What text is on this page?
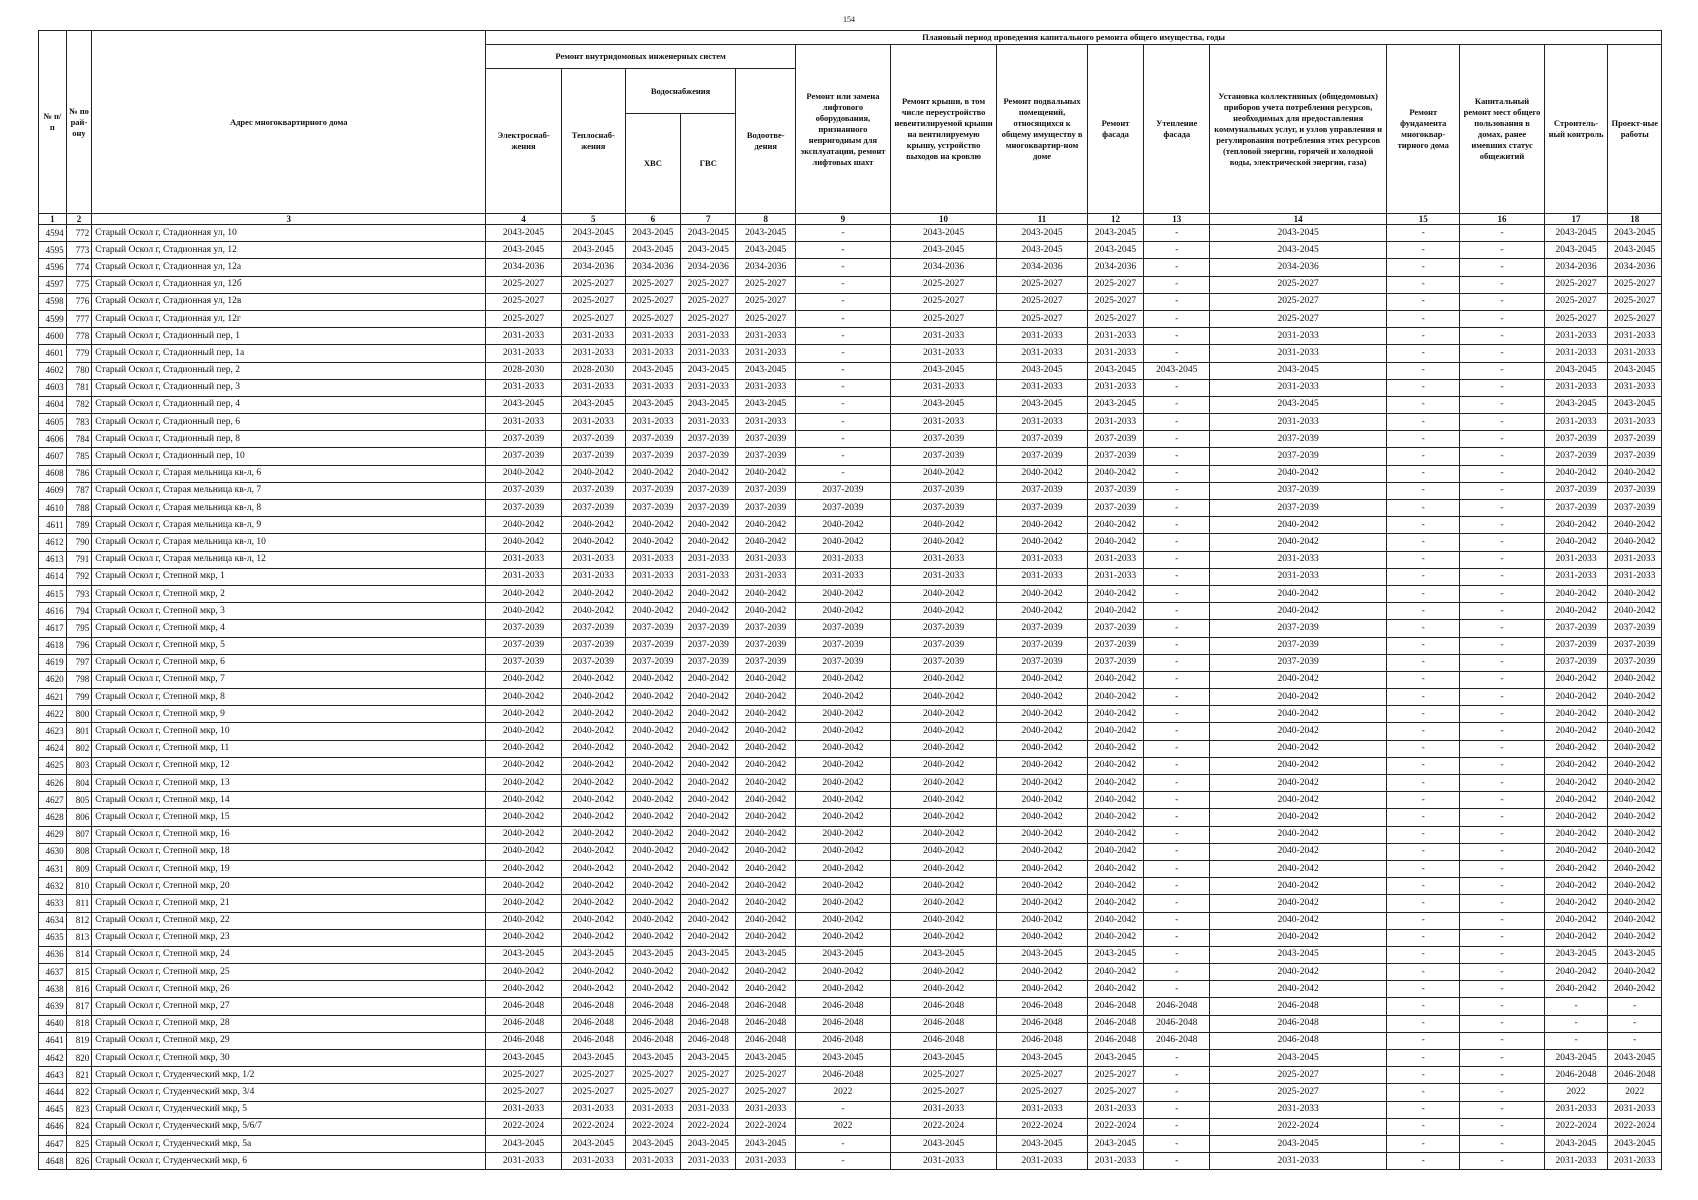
154
№ п/п	№ по рай-ону	Адрес многоквартирного дома	Плановый период проведения капитального ремонта общего имущества, годы														
			Ремонт внутридомовых инженерных систем					Ремонт или замена лифтового оборудования, признанного непригодным для эксплуатации, ремонт лифтовых шахт	Ремонт крыши, в том числе переустройство невентилируемой крыши на вентилируемую крышу, устройство выходов на кровлю	Ремонт подвальных помещений, относящихся к общему имуществу в многоквартир-ном доме	Ремонт фасада	Утепление фасада	Установка коллективных (общедомовых) приборов учета потребления ресурсов, необходимых для предоставления коммунальных услуг, и узлов управления и регулирования потребления этих ресурсов (тепловой энергии, горячей и холодной воды, электрической энергии, газа)	Ремонт фундамента многоквар-тирного дома	Капитальный ремонт мест общего пользования в домах, ранее имевших статус общежитий	Строитель-ный контроль	Проект-ные работы
			Электроснаб-жения	Теплоснаб-жения	Водоснабжения		Водоотве-дения										
					ХВС	ГВС											
1	2	3	4	5	6	7	8	9	10	11	12	13	14	15	16	17	18
4594	772	Старый Оскол г, Стадионная ул, 10	2043-2045	2043-2045	2043-2045	2043-2045	2043-2045	-	2043-2045	2043-2045	2043-2045	-	2043-2045	-	-	2043-2045	2043-2045
4595	773	Старый Оскол г, Стадионная ул, 12	2043-2045	2043-2045	2043-2045	2043-2045	2043-2045	-	2043-2045	2043-2045	2043-2045	-	2043-2045	-	-	2043-2045	2043-2045
4596	774	Старый Оскол г, Стадионная ул, 12а	2034-2036	2034-2036	2034-2036	2034-2036	2034-2036	-	2034-2036	2034-2036	2034-2036	-	2034-2036	-	-	2034-2036	2034-2036
4597	775	Старый Оскол г, Стадионная ул, 12б	2025-2027	2025-2027	2025-2027	2025-2027	2025-2027	-	2025-2027	2025-2027	2025-2027	-	2025-2027	-	-	2025-2027	2025-2027
4598	776	Старый Оскол г, Стадионная ул, 12в	2025-2027	2025-2027	2025-2027	2025-2027	2025-2027	-	2025-2027	2025-2027	2025-2027	-	2025-2027	-	-	2025-2027	2025-2027
4599	777	Старый Оскол г, Стадионная ул, 12г	2025-2027	2025-2027	2025-2027	2025-2027	2025-2027	-	2025-2027	2025-2027	2025-2027	-	2025-2027	-	-	2025-2027	2025-2027
4600	778	Старый Оскол г, Стадионный пер, 1	2031-2033	2031-2033	2031-2033	2031-2033	2031-2033	-	2031-2033	2031-2033	2031-2033	-	2031-2033	-	-	2031-2033	2031-2033
4601	779	Старый Оскол г, Стадионный пер, 1а	2031-2033	2031-2033	2031-2033	2031-2033	2031-2033	-	2031-2033	2031-2033	2031-2033	-	2031-2033	-	-	2031-2033	2031-2033
4602	780	Старый Оскол г, Стадионный пер, 2	2028-2030	2028-2030	2043-2045	2043-2045	2043-2045	-	2043-2045	2043-2045	2043-2045	2043-2045	2043-2045	-	-	2043-2045	2043-2045
4603	781	Старый Оскол г, Стадионный пер, 3	2031-2033	2031-2033	2031-2033	2031-2033	2031-2033	-	2031-2033	2031-2033	2031-2033	-	2031-2033	-	-	2031-2033	2031-2033
4604	782	Старый Оскол г, Стадионный пер, 4	2043-2045	2043-2045	2043-2045	2043-2045	2043-2045	-	2043-2045	2043-2045	2043-2045	-	2043-2045	-	-	2043-2045	2043-2045
4605	783	Старый Оскол г, Стадионный пер, 6	2031-2033	2031-2033	2031-2033	2031-2033	2031-2033	-	2031-2033	2031-2033	2031-2033	-	2031-2033	-	-	2031-2033	2031-2033
4606	784	Старый Оскол г, Стадионный пер, 8	2037-2039	2037-2039	2037-2039	2037-2039	2037-2039	-	2037-2039	2037-2039	2037-2039	-	2037-2039	-	-	2037-2039	2037-2039
4607	785	Старый Оскол г, Стадионный пер, 10	2037-2039	2037-2039	2037-2039	2037-2039	2037-2039	-	2037-2039	2037-2039	2037-2039	-	2037-2039	-	-	2037-2039	2037-2039
4608	786	Старый Оскол г, Старая мельница кв-л, 6	2040-2042	2040-2042	2040-2042	2040-2042	2040-2042	-	2040-2042	2040-2042	2040-2042	-	2040-2042	-	-	2040-2042	2040-2042
4609	787	Старый Оскол г, Старая мельница кв-л, 7	2037-2039	2037-2039	2037-2039	2037-2039	2037-2039	2037-2039	2037-2039	2037-2039	2037-2039	-	2037-2039	-	-	2037-2039	2037-2039
4610	788	Старый Оскол г, Старая мельница кв-л, 8	2037-2039	2037-2039	2037-2039	2037-2039	2037-2039	2037-2039	2037-2039	2037-2039	2037-2039	-	2037-2039	-	-	2037-2039	2037-2039
4611	789	Старый Оскол г, Старая мельница кв-л, 9	2040-2042	2040-2042	2040-2042	2040-2042	2040-2042	2040-2042	2040-2042	2040-2042	2040-2042	-	2040-2042	-	-	2040-2042	2040-2042
4612	790	Старый Оскол г, Старая мельница кв-л, 10	2040-2042	2040-2042	2040-2042	2040-2042	2040-2042	2040-2042	2040-2042	2040-2042	2040-2042	-	2040-2042	-	-	2040-2042	2040-2042
4613	791	Старый Оскол г, Старая мельница кв-л, 12	2031-2033	2031-2033	2031-2033	2031-2033	2031-2033	2031-2033	2031-2033	2031-2033	2031-2033	-	2031-2033	-	-	2031-2033	2031-2033
4614	792	Старый Оскол г, Степной мкр, 1	2031-2033	2031-2033	2031-2033	2031-2033	2031-2033	2031-2033	2031-2033	2031-2033	2031-2033	-	2031-2033	-	-	2031-2033	2031-2033
4615	793	Старый Оскол г, Степной мкр, 2	2040-2042	2040-2042	2040-2042	2040-2042	2040-2042	2040-2042	2040-2042	2040-2042	2040-2042	-	2040-2042	-	-	2040-2042	2040-2042
4616	794	Старый Оскол г, Степной мкр, 3	2040-2042	2040-2042	2040-2042	2040-2042	2040-2042	2040-2042	2040-2042	2040-2042	2040-2042	-	2040-2042	-	-	2040-2042	2040-2042
4617	795	Старый Оскол г, Степной мкр, 4	2037-2039	2037-2039	2037-2039	2037-2039	2037-2039	2037-2039	2037-2039	2037-2039	2037-2039	-	2037-2039	-	-	2037-2039	2037-2039
4618	796	Старый Оскол г, Степной мкр, 5	2037-2039	2037-2039	2037-2039	2037-2039	2037-2039	2037-2039	2037-2039	2037-2039	2037-2039	-	2037-2039	-	-	2037-2039	2037-2039
4619	797	Старый Оскол г, Степной мкр, 6	2037-2039	2037-2039	2037-2039	2037-2039	2037-2039	2037-2039	2037-2039	2037-2039	2037-2039	-	2037-2039	-	-	2037-2039	2037-2039
4620	798	Старый Оскол г, Степной мкр, 7	2040-2042	2040-2042	2040-2042	2040-2042	2040-2042	2040-2042	2040-2042	2040-2042	2040-2042	-	2040-2042	-	-	2040-2042	2040-2042
4621	799	Старый Оскол г, Степной мкр, 8	2040-2042	2040-2042	2040-2042	2040-2042	2040-2042	2040-2042	2040-2042	2040-2042	2040-2042	-	2040-2042	-	-	2040-2042	2040-2042
4622	800	Старый Оскол г, Степной мкр, 9	2040-2042	2040-2042	2040-2042	2040-2042	2040-2042	2040-2042	2040-2042	2040-2042	2040-2042	-	2040-2042	-	-	2040-2042	2040-2042
4623	801	Старый Оскол г, Степной мкр, 10	2040-2042	2040-2042	2040-2042	2040-2042	2040-2042	2040-2042	2040-2042	2040-2042	2040-2042	-	2040-2042	-	-	2040-2042	2040-2042
4624	802	Старый Оскол г, Степной мкр, 11	2040-2042	2040-2042	2040-2042	2040-2042	2040-2042	2040-2042	2040-2042	2040-2042	2040-2042	-	2040-2042	-	-	2040-2042	2040-2042
4625	803	Старый Оскол г, Степной мкр, 12	2040-2042	2040-2042	2040-2042	2040-2042	2040-2042	2040-2042	2040-2042	2040-2042	2040-2042	-	2040-2042	-	-	2040-2042	2040-2042
4626	804	Старый Оскол г, Степной мкр, 13	2040-2042	2040-2042	2040-2042	2040-2042	2040-2042	2040-2042	2040-2042	2040-2042	2040-2042	-	2040-2042	-	-	2040-2042	2040-2042
4627	805	Старый Оскол г, Степной мкр, 14	2040-2042	2040-2042	2040-2042	2040-2042	2040-2042	2040-2042	2040-2042	2040-2042	2040-2042	-	2040-2042	-	-	2040-2042	2040-2042
4628	806	Старый Оскол г, Степной мкр, 15	2040-2042	2040-2042	2040-2042	2040-2042	2040-2042	2040-2042	2040-2042	2040-2042	2040-2042	-	2040-2042	-	-	2040-2042	2040-2042
4629	807	Старый Оскол г, Степной мкр, 16	2040-2042	2040-2042	2040-2042	2040-2042	2040-2042	2040-2042	2040-2042	2040-2042	2040-2042	-	2040-2042	-	-	2040-2042	2040-2042
4630	808	Старый Оскол г, Степной мкр, 18	2040-2042	2040-2042	2040-2042	2040-2042	2040-2042	2040-2042	2040-2042	2040-2042	2040-2042	-	2040-2042	-	-	2040-2042	2040-2042
4631	809	Старый Оскол г, Степной мкр, 19	2040-2042	2040-2042	2040-2042	2040-2042	2040-2042	2040-2042	2040-2042	2040-2042	2040-2042	-	2040-2042	-	-	2040-2042	2040-2042
4632	810	Старый Оскол г, Степной мкр, 20	2040-2042	2040-2042	2040-2042	2040-2042	2040-2042	2040-2042	2040-2042	2040-2042	2040-2042	-	2040-2042	-	-	2040-2042	2040-2042
4633	811	Старый Оскол г, Степной мкр, 21	2040-2042	2040-2042	2040-2042	2040-2042	2040-2042	2040-2042	2040-2042	2040-2042	2040-2042	-	2040-2042	-	-	2040-2042	2040-2042
4634	812	Старый Оскол г, Степной мкр, 22	2040-2042	2040-2042	2040-2042	2040-2042	2040-2042	2040-2042	2040-2042	2040-2042	2040-2042	-	2040-2042	-	-	2040-2042	2040-2042
4635	813	Старый Оскол г, Степной мкр, 23	2040-2042	2040-2042	2040-2042	2040-2042	2040-2042	2040-2042	2040-2042	2040-2042	2040-2042	-	2040-2042	-	-	2040-2042	2040-2042
4636	814	Старый Оскол г, Степной мкр, 24	2043-2045	2043-2045	2043-2045	2043-2045	2043-2045	2043-2045	2043-2045	2043-2045	2043-2045	-	2043-2045	-	-	2043-2045	2043-2045
4637	815	Старый Оскол г, Степной мкр, 25	2040-2042	2040-2042	2040-2042	2040-2042	2040-2042	2040-2042	2040-2042	2040-2042	2040-2042	-	2040-2042	-	-	2040-2042	2040-2042
4638	816	Старый Оскол г, Степной мкр, 26	2040-2042	2040-2042	2040-2042	2040-2042	2040-2042	2040-2042	2040-2042	2040-2042	2040-2042	-	2040-2042	-	-	2040-2042	2040-2042
4639	817	Старый Оскол г, Степной мкр, 27	2046-2048	2046-2048	2046-2048	2046-2048	2046-2048	2046-2048	2046-2048	2046-2048	2046-2048	2046-2048	2046-2048	-	-	-	-
4640	818	Старый Оскол г, Степной мкр, 28	2046-2048	2046-2048	2046-2048	2046-2048	2046-2048	2046-2048	2046-2048	2046-2048	2046-2048	2046-2048	2046-2048	-	-	-	-
4641	819	Старый Оскол г, Степной мкр, 29	2046-2048	2046-2048	2046-2048	2046-2048	2046-2048	2046-2048	2046-2048	2046-2048	2046-2048	2046-2048	2046-2048	-	-	-	-
4642	820	Старый Оскол г, Степной мкр, 30	2043-2045	2043-2045	2043-2045	2043-2045	2043-2045	2043-2045	2043-2045	2043-2045	2043-2045	-	2043-2045	-	-	2043-2045	2043-2045
4643	821	Старый Оскол г, Студенческий мкр, 1/2	2025-2027	2025-2027	2025-2027	2025-2027	2025-2027	2046-2048	2025-2027	2025-2027	2025-2027	-	2025-2027	-	-	2046-2048	2046-2048
4644	822	Старый Оскол г, Студенческий мкр, 3/4	2025-2027	2025-2027	2025-2027	2025-2027	2025-2027	2022	2025-2027	2025-2027	2025-2027	-	2025-2027	-	-	2022	2022
4645	823	Старый Оскол г, Студенческий мкр, 5	2031-2033	2031-2033	2031-2033	2031-2033	2031-2033	-	2031-2033	2031-2033	2031-2033	-	2031-2033	-	-	2031-2033	2031-2033
4646	824	Старый Оскол г, Студенческий мкр, 5/6/7	2022-2024	2022-2024	2022-2024	2022-2024	2022-2024	2022	2022-2024	2022-2024	2022-2024	-	2022-2024	-	-	2022-2024	2022-2024
4647	825	Старый Оскол г, Студенческий мкр, 5а	2043-2045	2043-2045	2043-2045	2043-2045	2043-2045	-	2043-2045	2043-2045	2043-2045	-	2043-2045	-	-	2043-2045	2043-2045
4648	826	Старый Оскол г, Студенческий мкр, 6	2031-2033	2031-2033	2031-2033	2031-2033	2031-2033	-	2031-2033	2031-2033	2031-2033	-	2031-2033	-	-	2031-2033	2031-2033
